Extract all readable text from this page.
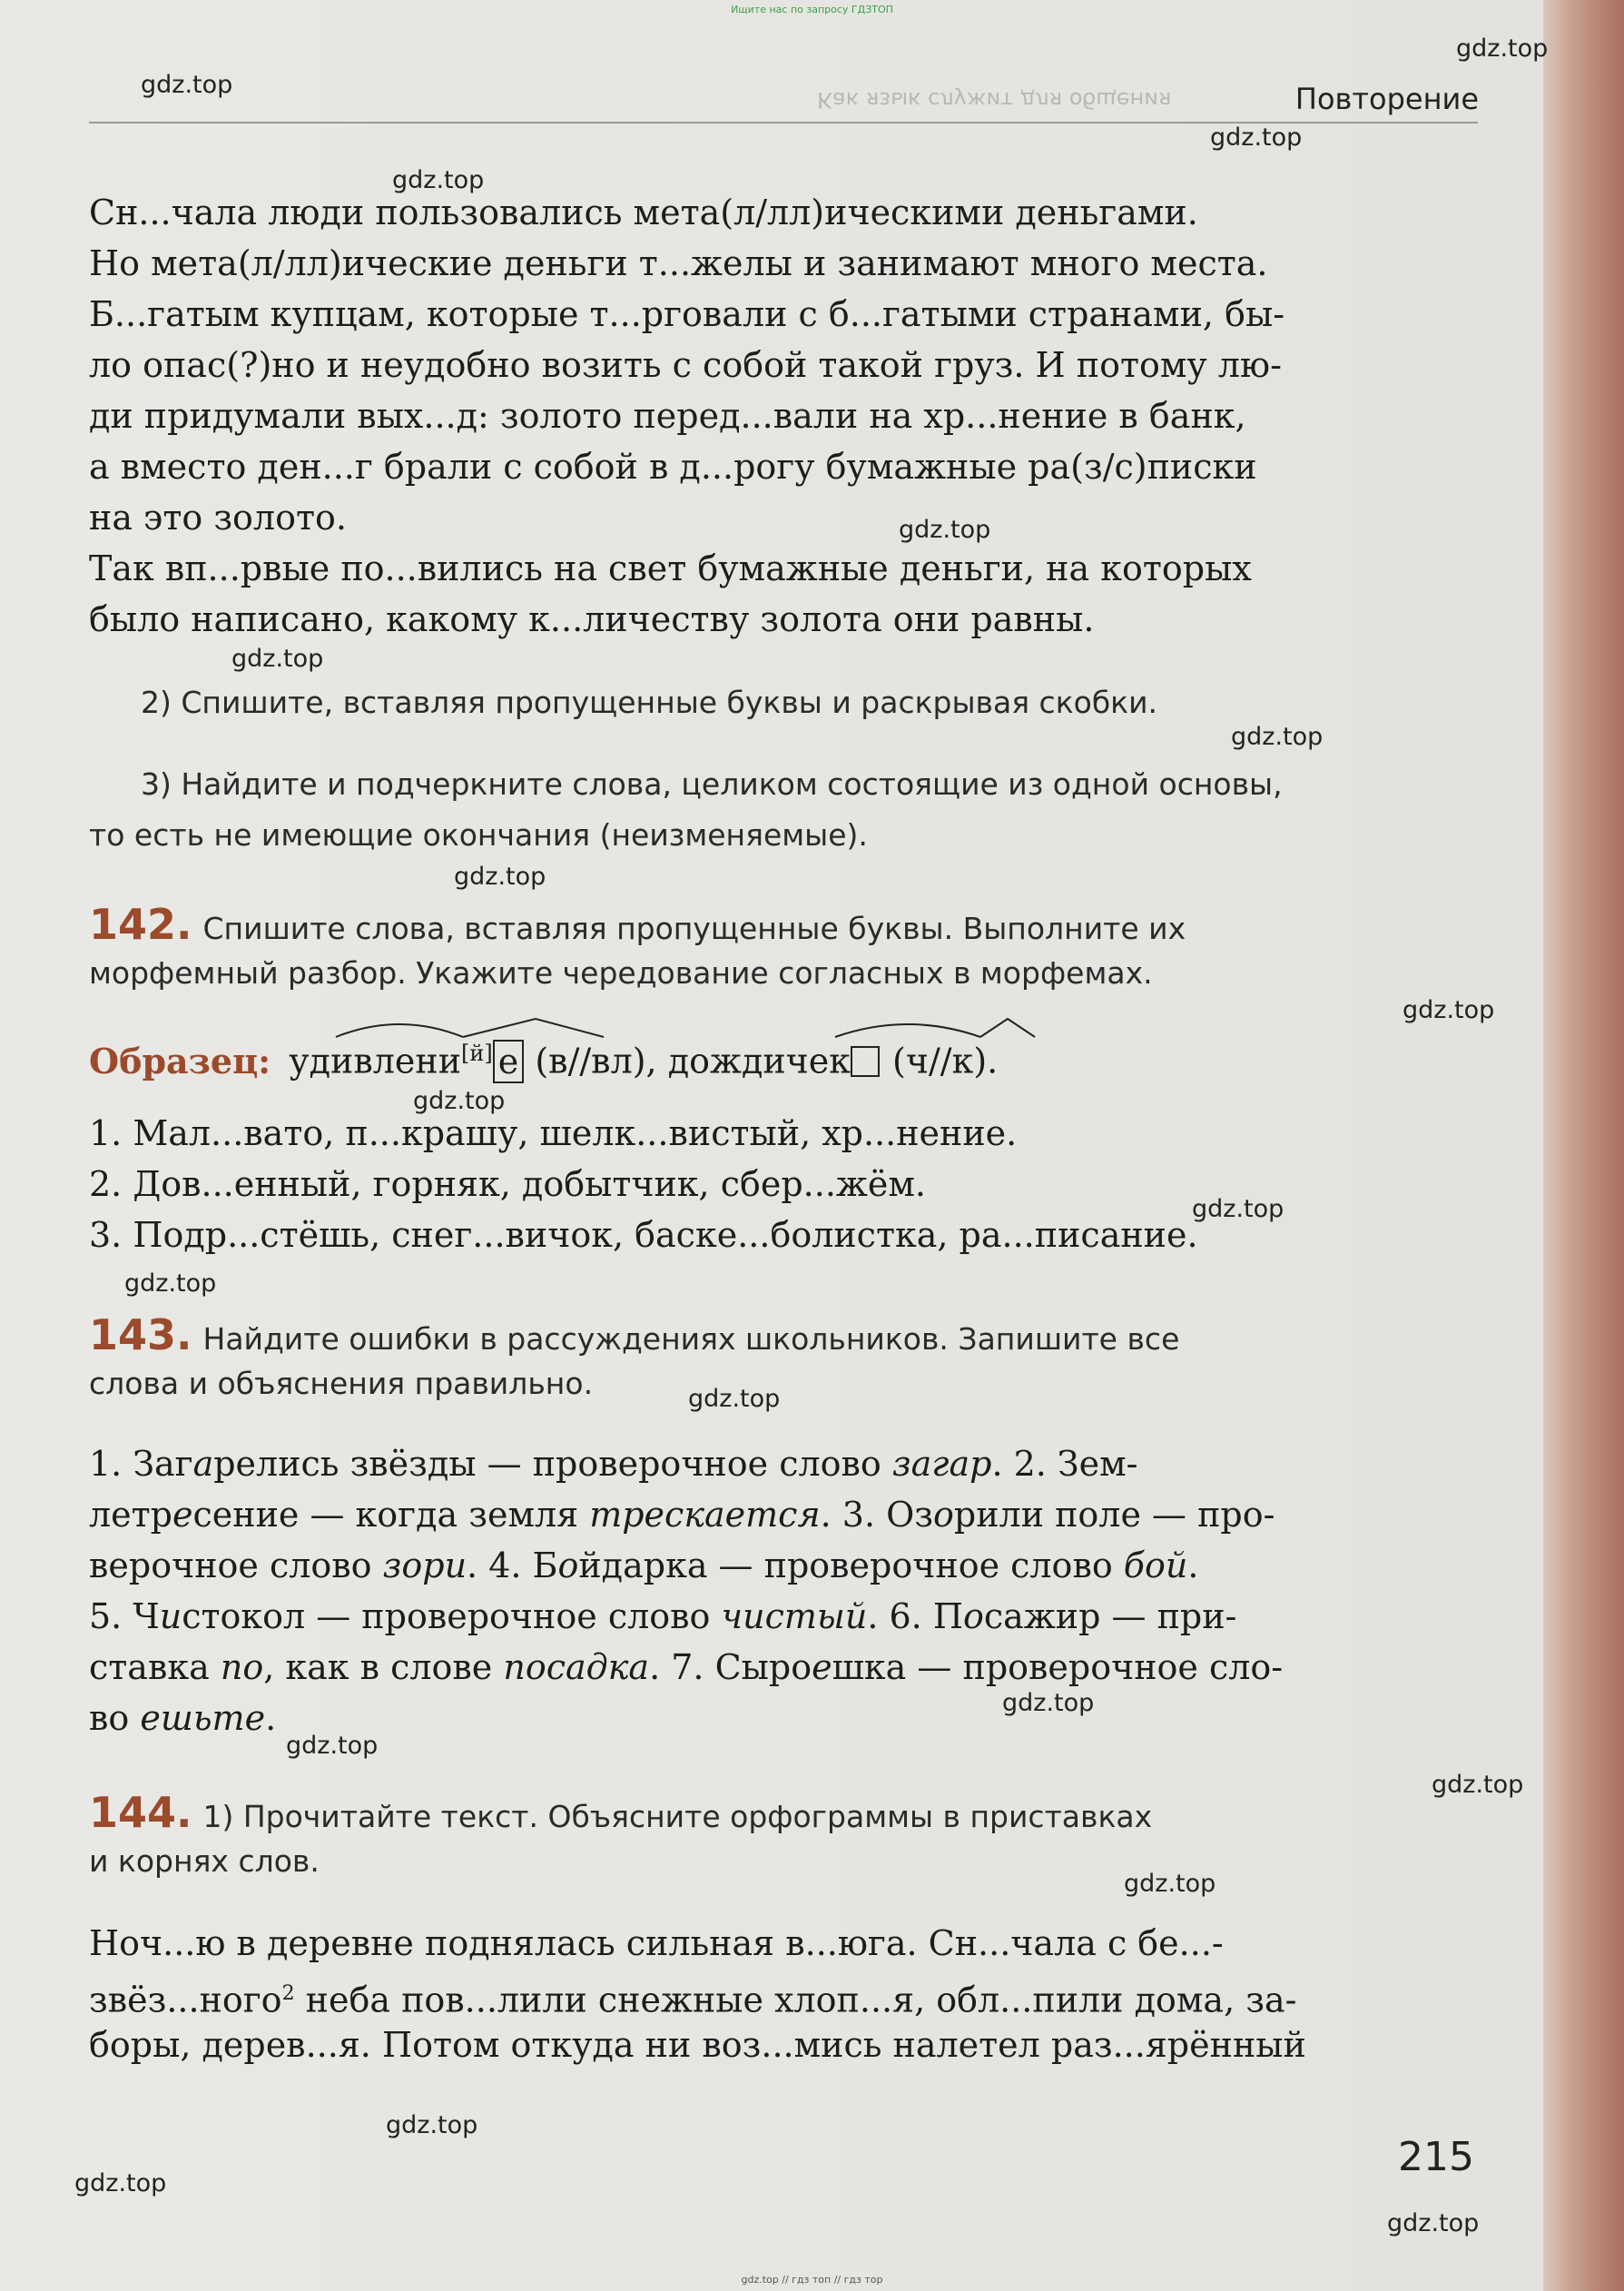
Ищите нас по запросу ГДЗТОП
Как язык служит для общения	Повторение
gdz.top
gdz.top
gdz.top
gdz.top
gdz.top
gdz.top
gdz.top
gdz.top
gdz.top
gdz.top
gdz.top
gdz.top
gdz.top
gdz.top
gdz.top
gdz.top
gdz.top
gdz.top
gdz.top
gdz.top
Сн...чала люди пользовались мета(л/лл)ическими деньгами.
Но мета(л/лл)ические деньги т...желы и занимают много места.
Б...гатым купцам, которые т...рговали с б...гатыми странами, бы-
ло опас(?)но и неудобно возить с собой такой груз. И потому лю-
ди придумали вых...д: золото перед...вали на хр...нение в банк,
а вместо ден...г брали с собой в д...рогу бумажные ра(з/с)писки
на это золото.
Так вп...рвые по...вились на свет бумажные деньги, на которых
было написано, какому к...личеству золота они равны.
2) Спишите, вставляя пропущенные буквы и раскрывая скобки.
3) Найдите и подчеркните слова, целиком состоящие из одной основы,
то есть не имеющие окончания (неизменяемые).
142. Спишите слова, вставляя пропущенные буквы. Выполните их
морфемный разбор. Укажите чередование согласных в морфемах.
Образец: удивлени[й] е (в//вл), дождичек (ч//к).
1. Мал...вато, п...крашу, шелк...вистый, хр...нение.
2. Дов...енный, горняк, добытчик, сбер...жём.
3. Подр...стёшь, снег...вичок, баске...болистка, ра...писание.
143. Найдите ошибки в рассуждениях школьников. Запишите все
слова и объяснения правильно.
1. Загарелись звёзды — проверочное слово загар. 2. Зем-
летресение — когда земля трескается. 3. Озорили поле — про-
верочное слово зори. 4. Бойдарка — проверочное слово бой.
5. Чистокол — проверочное слово чистый. 6. Посажир — при-
ставка по, как в слове посадка. 7. Сыроешка — проверочное сло-
во ешьте.
144. 1) Прочитайте текст. Объясните орфограммы в приставках
и корнях слов.
Ноч...ю в деревне поднялась сильная в...юга. Сн...чала с бе...-
звёз...ного$^2$ неба пов...лили снежные хлоп...я, обл...пили дома, за-
боры, дерев...я. Потом откуда ни воз...мись налетел раз...ярённый
215
gdz.top // гдз топ // гдз тор
